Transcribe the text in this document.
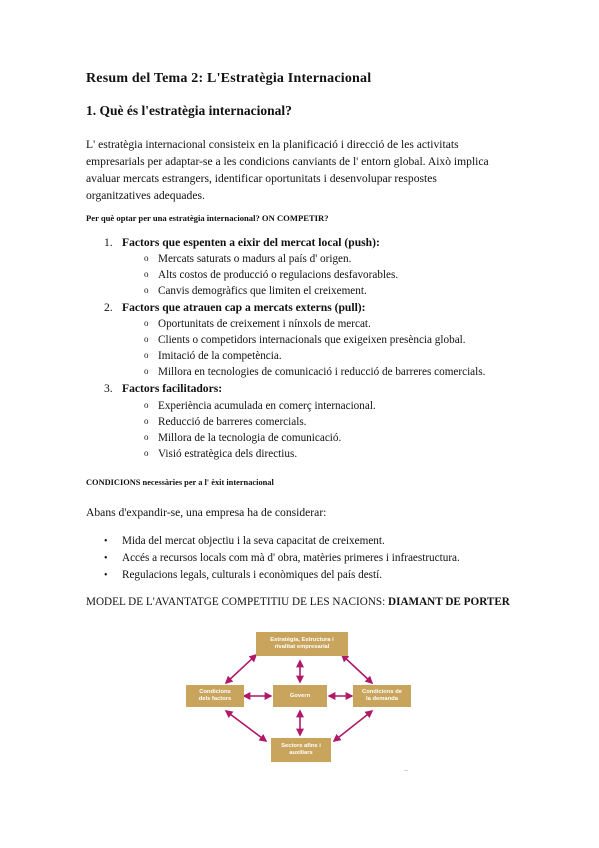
Resum del Tema 2: L'Estratègia Internacional
1. Què és l'estratègia internacional?
L' estratègia internacional consisteix en la planificació i direcció de les activitats
empresarials per adaptar-se a les condicions canviants de l' entorn global. Això implica
avaluar mercats estrangers, identificar oportunitats i desenvolupar respostes
organitzatives adequades.
Per què optar per una estratègia internacional? ON COMPETIR?
1. Factors que espenten a eixir del mercat local (push):
o Mercats saturats o madurs al país d' origen.
o Alts costos de producció o regulacions desfavorables.
o Canvis demogràfics que limiten el creixement.
2. Factors que atrauen cap a mercats externs (pull):
o Oportunitats de creixement i nínxols de mercat.
o Clients o competidors internacionals que exigeixen presència global.
o Imitació de la competència.
o Millora en tecnologies de comunicació i reducció de barreres comercials.
3. Factors facilitadors:
o Experiència acumulada en comerç internacional.
o Reducció de barreres comercials.
o Millora de la tecnologia de comunicació.
o Visió estratègica dels directius.
CONDICIONS necessàries per a l' èxit internacional
Abans d'expandir-se, una empresa ha de considerar:
• Mida del mercat objectiu i la seva capacitat de creixement.
• Accés a recursos locals com mà d' obra, matèries primeres i infraestructura.
• Regulacions legals, culturals i econòmiques del país destí.
MODEL DE L'AVANTATGE COMPETITIU DE LES NACIONS: DIAMANT DE PORTER
Estratègia, Estructura i
rivalitat empresarial
Condicions
dels factors
Govern
Condicions de
la demanda
Sectors afins i
auxiliars
--
